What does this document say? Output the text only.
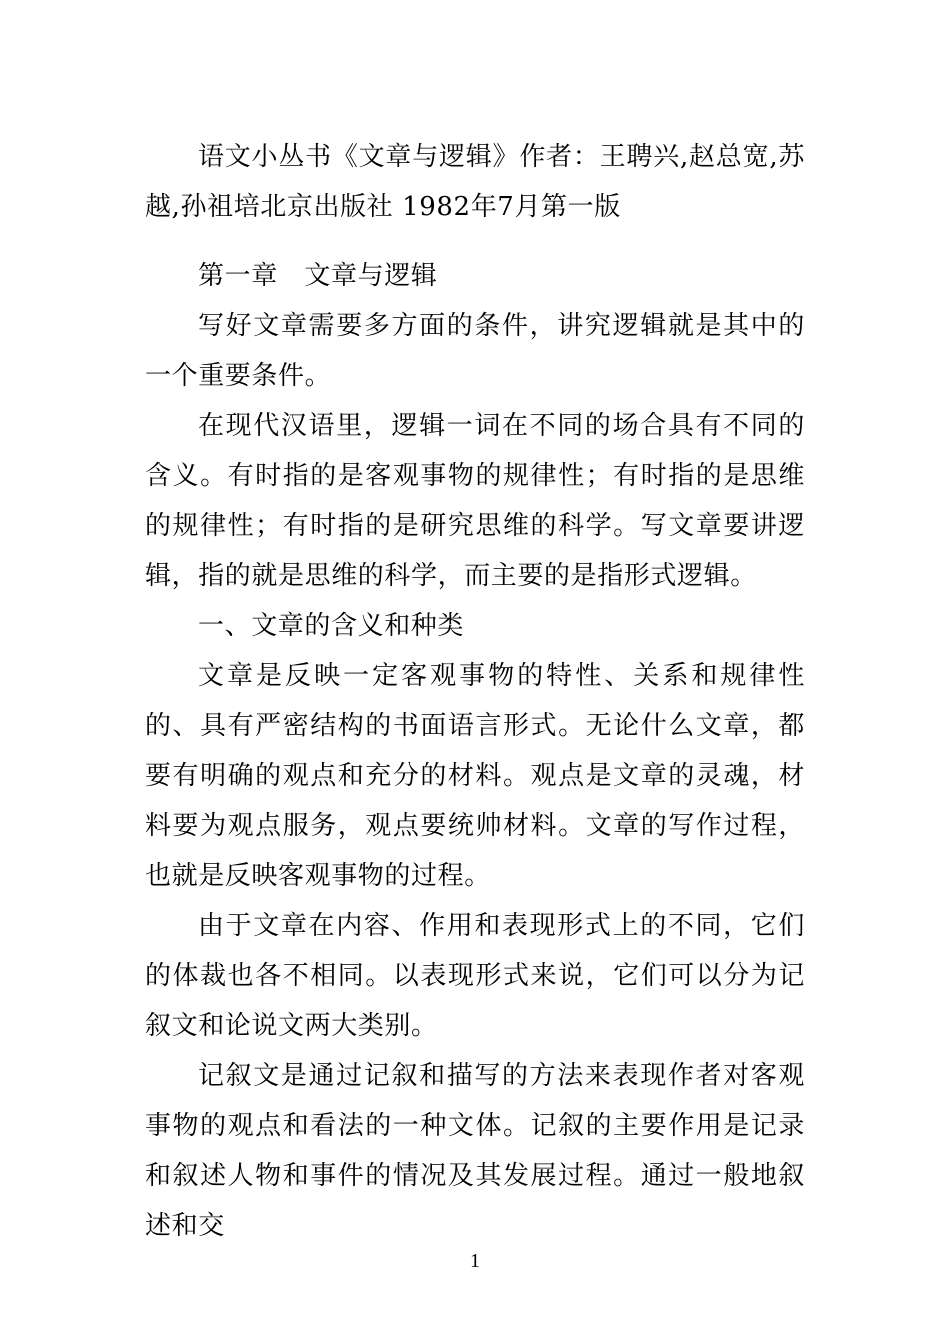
语文小丛书《文章与逻辑》作者：王聘兴,赵总宽,苏越,孙祖培北京出版社 1982年7月第一版

第一章　文章与逻辑

写好文章需要多方面的条件，讲究逻辑就是其中的一个重要条件。

在现代汉语里，逻辑一词在不同的场合具有不同的含义。有时指的是客观事物的规律性；有时指的是思维的规律性；有时指的是研究思维的科学。写文章要讲逻辑，指的就是思维的科学，而主要的是指形式逻辑。

一、文章的含义和种类

文章是反映一定客观事物的特性、关系和规律性的、具有严密结构的书面语言形式。无论什么文章，都要有明确的观点和充分的材料。观点是文章的灵魂，材料要为观点服务，观点要统帅材料。文章的写作过程，也就是反映客观事物的过程。

由于文章在内容、作用和表现形式上的不同，它们的体裁也各不相同。以表现形式来说，它们可以分为记叙文和论说文两大类别。

记叙文是通过记叙和描写的方法来表现作者对客观事物的观点和看法的一种文体。记叙的主要作用是记录和叙述人物和事件的情况及其发展过程。通过一般地叙述和交

1
